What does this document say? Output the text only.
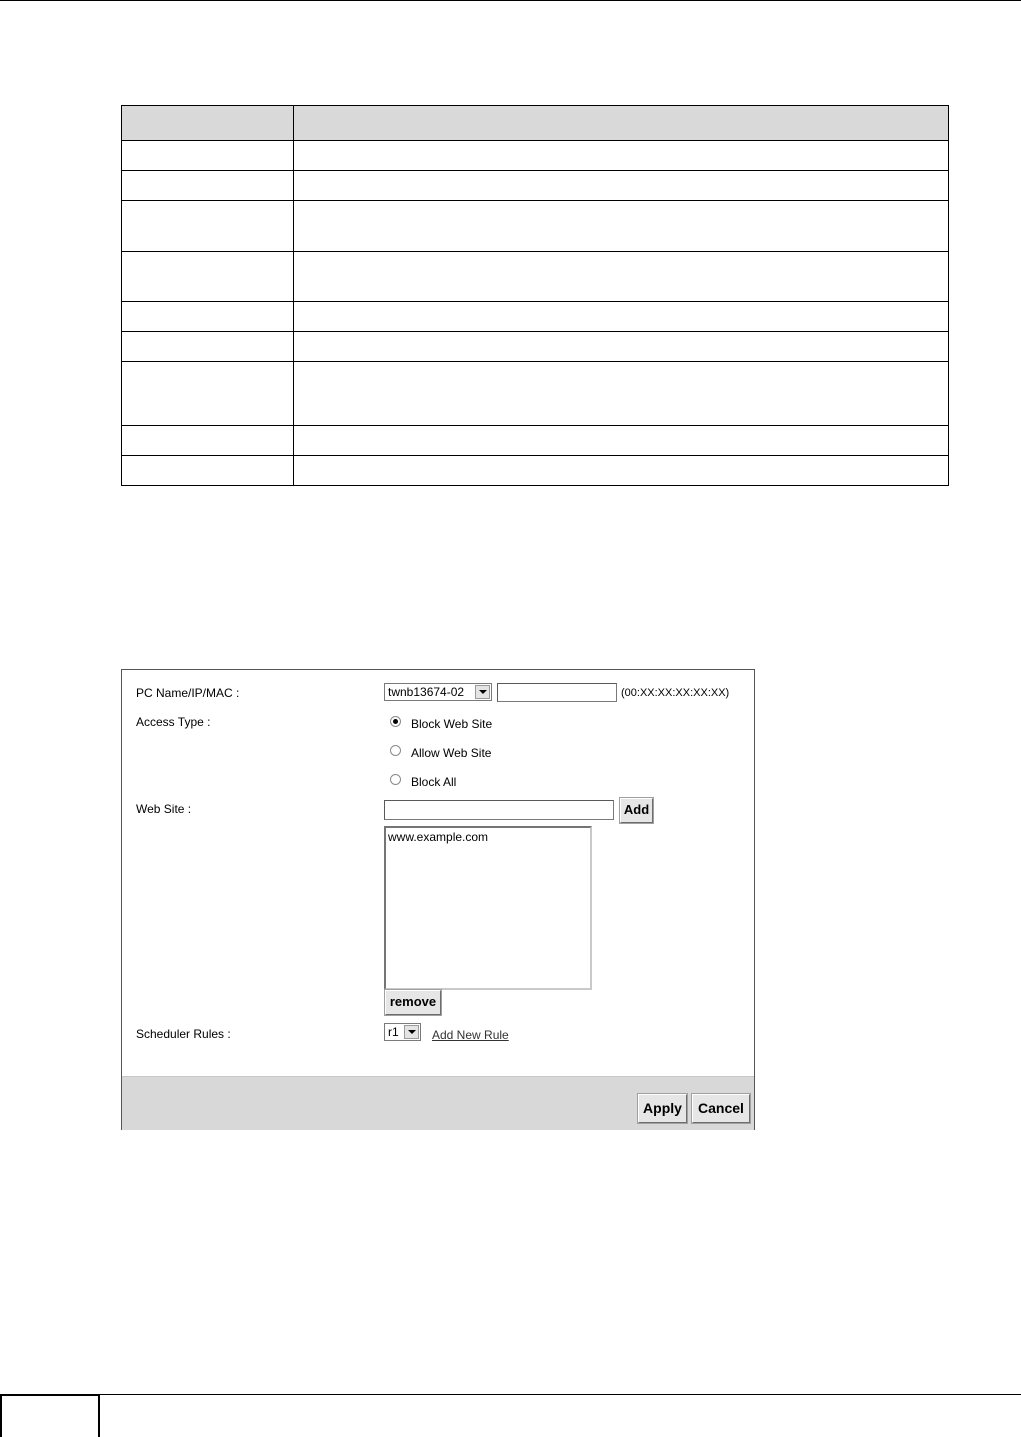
PC Name/IP/MAC :	twnb13674-02	(00:XX:XX:XX:XX:XX)
Access Type :	Block Web Site
Allow Web Site
Block All
Web Site :	Add
www.example.com
remove
Scheduler Rules :	r1	Add New Rule
Apply	Cancel
